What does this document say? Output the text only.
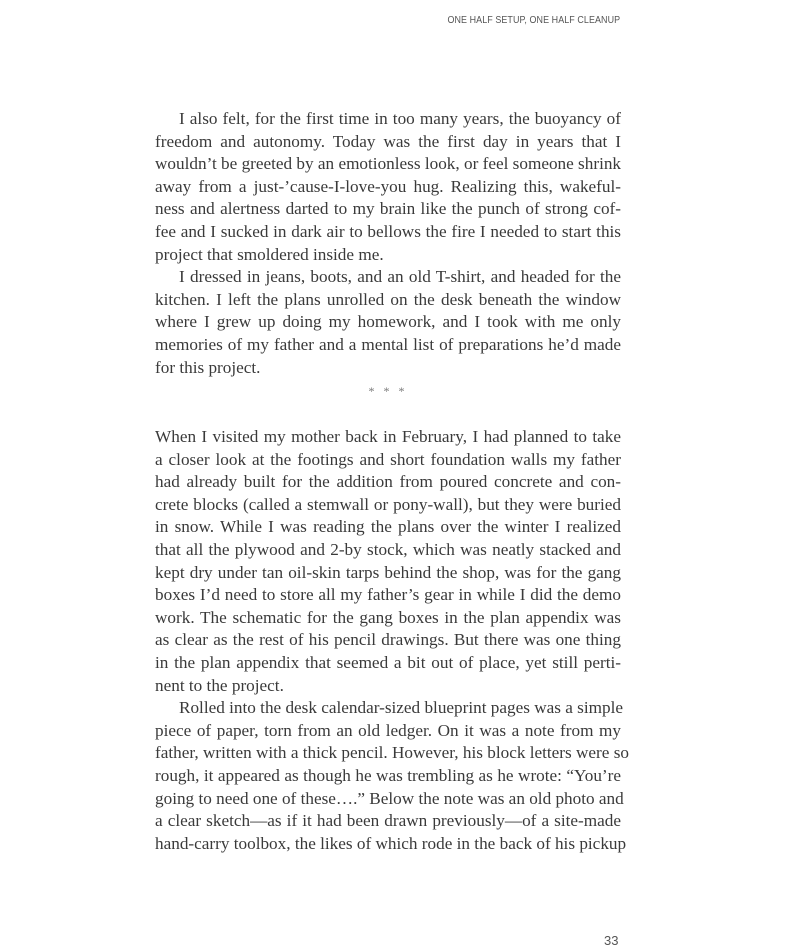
ONE HALF SETUP, ONE HALF CLEANUP

I also felt, for the first time in too many years, the buoyancy of
freedom and autonomy. Today was the first day in years that I
wouldn’t be greeted by an emotionless look, or feel someone shrink
away from a just-’cause-I-love-you hug. Realizing this, wakeful-
ness and alertness darted to my brain like the punch of strong cof-
fee and I sucked in dark air to bellows the fire I needed to start this
project that smoldered inside me.

I dressed in jeans, boots, and an old T-shirt, and headed for the
kitchen. I left the plans unrolled on the desk beneath the window
where I grew up doing my homework, and I took with me only
memories of my father and a mental list of preparations he’d made
for this project.

* * *

When I visited my mother back in February, I had planned to take
a closer look at the footings and short foundation walls my father
had already built for the addition from poured concrete and con-
crete blocks (called a stemwall or pony-wall), but they were buried
in snow. While I was reading the plans over the winter I realized
that all the plywood and 2-by stock, which was neatly stacked and
kept dry under tan oil-skin tarps behind the shop, was for the gang
boxes I’d need to store all my father’s gear in while I did the demo
work. The schematic for the gang boxes in the plan appendix was
as clear as the rest of his pencil drawings. But there was one thing
in the plan appendix that seemed a bit out of place, yet still perti-
nent to the project.

Rolled into the desk calendar-sized blueprint pages was a simple
piece of paper, torn from an old ledger. On it was a note from my
father, written with a thick pencil. However, his block letters were so
rough, it appeared as though he was trembling as he wrote: “You’re
going to need one of these….” Below the note was an old photo and
a clear sketch—as if it had been drawn previously—of a site-made
hand-carry toolbox, the likes of which rode in the back of his pickup

33
